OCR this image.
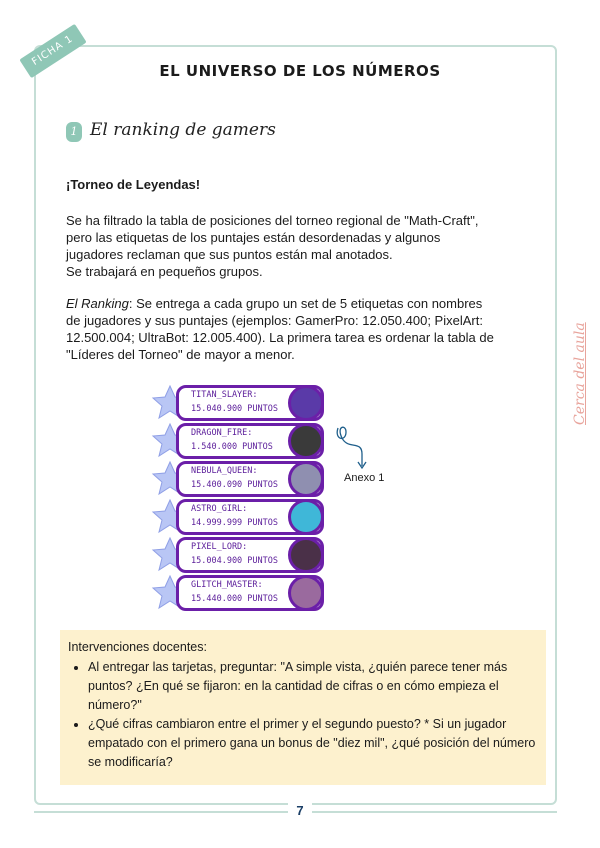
FICHA 1
EL UNIVERSO DE LOS NÚMEROS
1 El ranking de gamers
¡Torneo de Leyendas!
Se ha filtrado la tabla de posiciones del torneo regional de "Math-Craft",
pero las etiquetas de los puntajes están desordenadas y algunos
jugadores reclaman que sus puntos están mal anotados.
Se trabajará en pequeños grupos.
El Ranking: Se entrega a cada grupo un set de 5 etiquetas con nombres
de jugadores y sus puntajes (ejemplos: GamerPro: 12.050.400; PixelArt:
12.500.004; UltraBot: 12.005.400). La primera tarea es ordenar la tabla de
"Líderes del Torneo" de mayor a menor.	Cerca del aula
TITAN_SLAYER:
15.040.900 PUNTOS
DRAGON_FIRE:
1.540.000 PUNTOS
NEBULA_QUEEN:
15.400.090 PUNTOS
ASTRO_GIRL:
14.999.999 PUNTOS
PIXEL_LORD:
15.004.900 PUNTOS
GLITCH_MASTER:
15.440.000 PUNTOS
Anexo 1
Intervenciones docentes:
• Al entregar las tarjetas, preguntar: "A simple vista, ¿quién parece tener más puntos? ¿En qué se fijaron: en la cantidad de cifras o en cómo empieza el número?"
• ¿Qué cifras cambiaron entre el primer y el segundo puesto? * Si un jugador empatado con el primero gana un bonus de "diez mil", ¿qué posición del número se modificaría?
7
